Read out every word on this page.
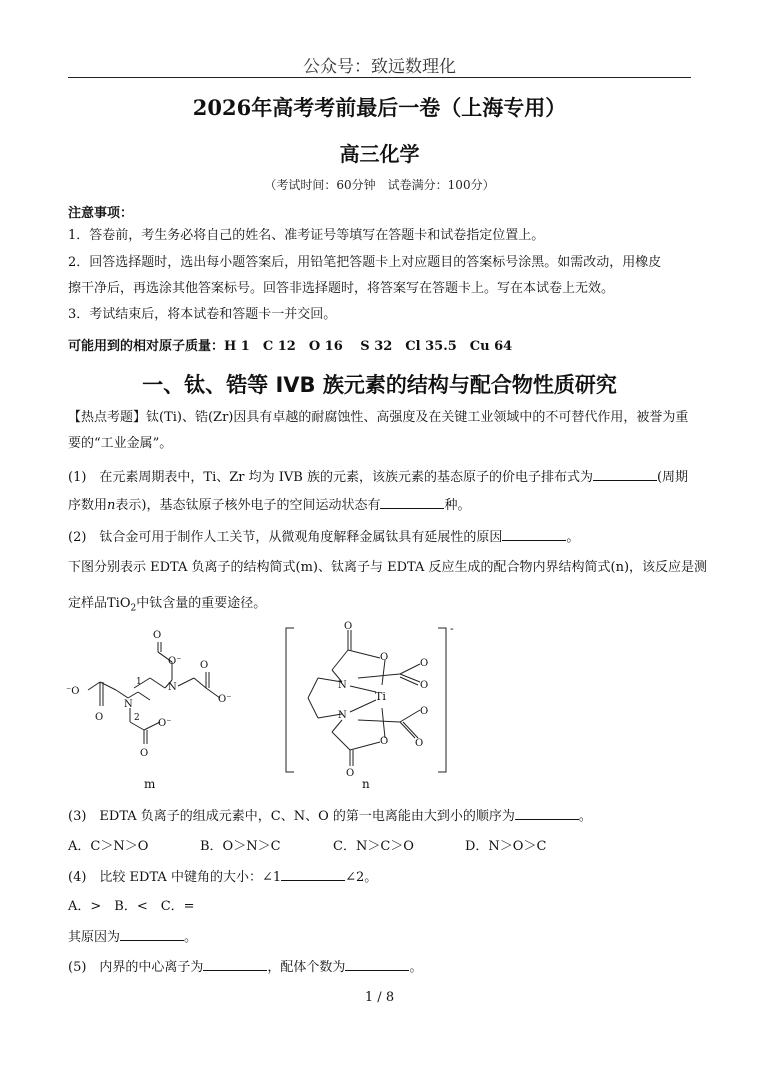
公众号：致远数理化
2026年高考考前最后一卷（上海专用）
高三化学
（考试时间：60分钟　试卷满分：100分）
注意事项：
1．答卷前，考生务必将自己的姓名、准考证号等填写在答题卡和试卷指定位置上。
2．回答选择题时，选出每小题答案后，用铅笔把答题卡上对应题目的答案标号涂黑。如需改动，用橡皮
擦干净后，再选涂其他答案标号。回答非选择题时，将答案写在答题卡上。写在本试卷上无效。
3．考试结束后，将本试卷和答题卡一并交回。
可能用到的相对原子质量：H 1　C 12　O 16　 S 32　Cl 35.5　Cu 64
一、钛、锆等 IVB 族元素的结构与配合物性质研究
【热点考题】钛(Ti)、锆(Zr)因具有卓越的耐腐蚀性、高强度及在关键工业领域中的不可替代作用，被誉为重
要的“工业金属”。
(1)　在元素周期表中，Ti、Zr 均为 IVB 族的元素，该族元素的基态原子的价电子排布式为	(周期
序数用n表示)，基态钛原子核外电子的空间运动状态有	种。
(2)　钛合金可用于制作人工关节，从微观角度解释金属钛具有延展性的原因	。
下图分别表示 EDTA 负离子的结构简式(m)、钛离子与 EDTA 反应生成的配合物内界结构简式(n)，该反应是测
定样品TiO$_2$中钛含量的重要途径。
⁻O
O
N
N
O
O⁻ O
O⁻
O
O⁻
1
2
m
-
O
O
O
O
N
N
Ti
O
O
O
O
n
(3)　EDTA 负离子的组成元素中，C、N、O 的第一电离能由大到小的顺序为	。
A．C＞N＞O	B．O＞N＞C	C．N＞C＞O	D．N＞O＞C
(4)　比较 EDTA 中键角的大小：∠1	∠2。
A．>　B．<　C．=
其原因为	。
(5)　内界的中心离子为	，配体个数为	。
1 / 8
